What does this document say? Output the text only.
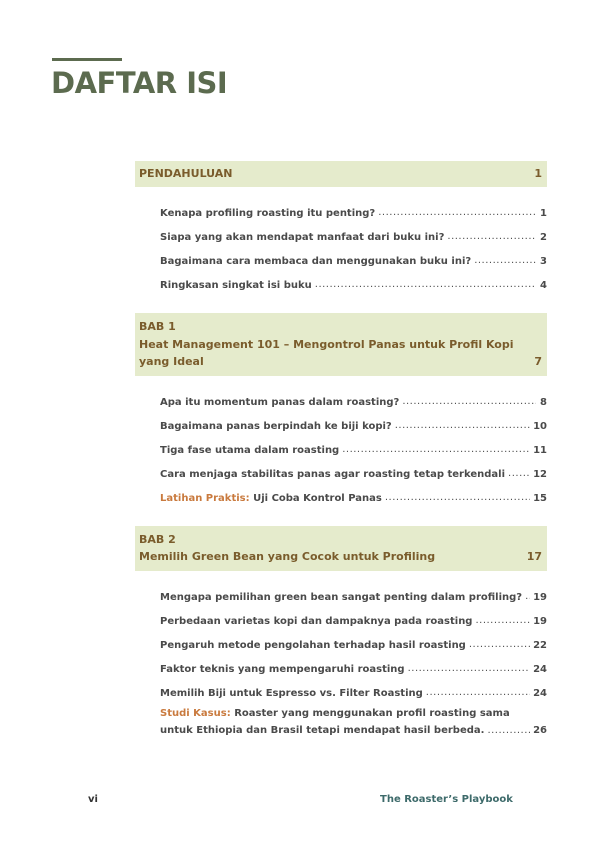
DAFTAR ISI
PENDAHULUAN	1
Kenapa profiling roasting itu penting? .....	1
Siapa yang akan mendapat manfaat dari buku ini? .....	2
Bagaimana cara membaca dan menggunakan buku ini? .....	3
Ringkasan singkat isi buku .....	4
BAB 1
Heat Management 101 – Mengontrol Panas untuk Profil Kopi
yang Ideal	7
Apa itu momentum panas dalam roasting? .....	8
Bagaimana panas berpindah ke biji kopi? .....	10
Tiga fase utama dalam roasting .....	11
Cara menjaga stabilitas panas agar roasting tetap terkendali .....	12
Latihan Praktis: Uji Coba Kontrol Panas .....	15
BAB 2
Memilih Green Bean yang Cocok untuk Profiling	17
Mengapa pemilihan green bean sangat penting dalam profiling? ..... 19
Perbedaan varietas kopi dan dampaknya pada roasting .....	19
Pengaruh metode pengolahan terhadap hasil roasting .....	22
Faktor teknis yang mempengaruhi roasting .....	24
Memilih Biji untuk Espresso vs. Filter Roasting .....	24
Studi Kasus: Roaster yang menggunakan profil roasting sama
untuk Ethiopia dan Brasil tetapi mendapat hasil berbeda. .....	26
vi	The Roaster’s Playbook
